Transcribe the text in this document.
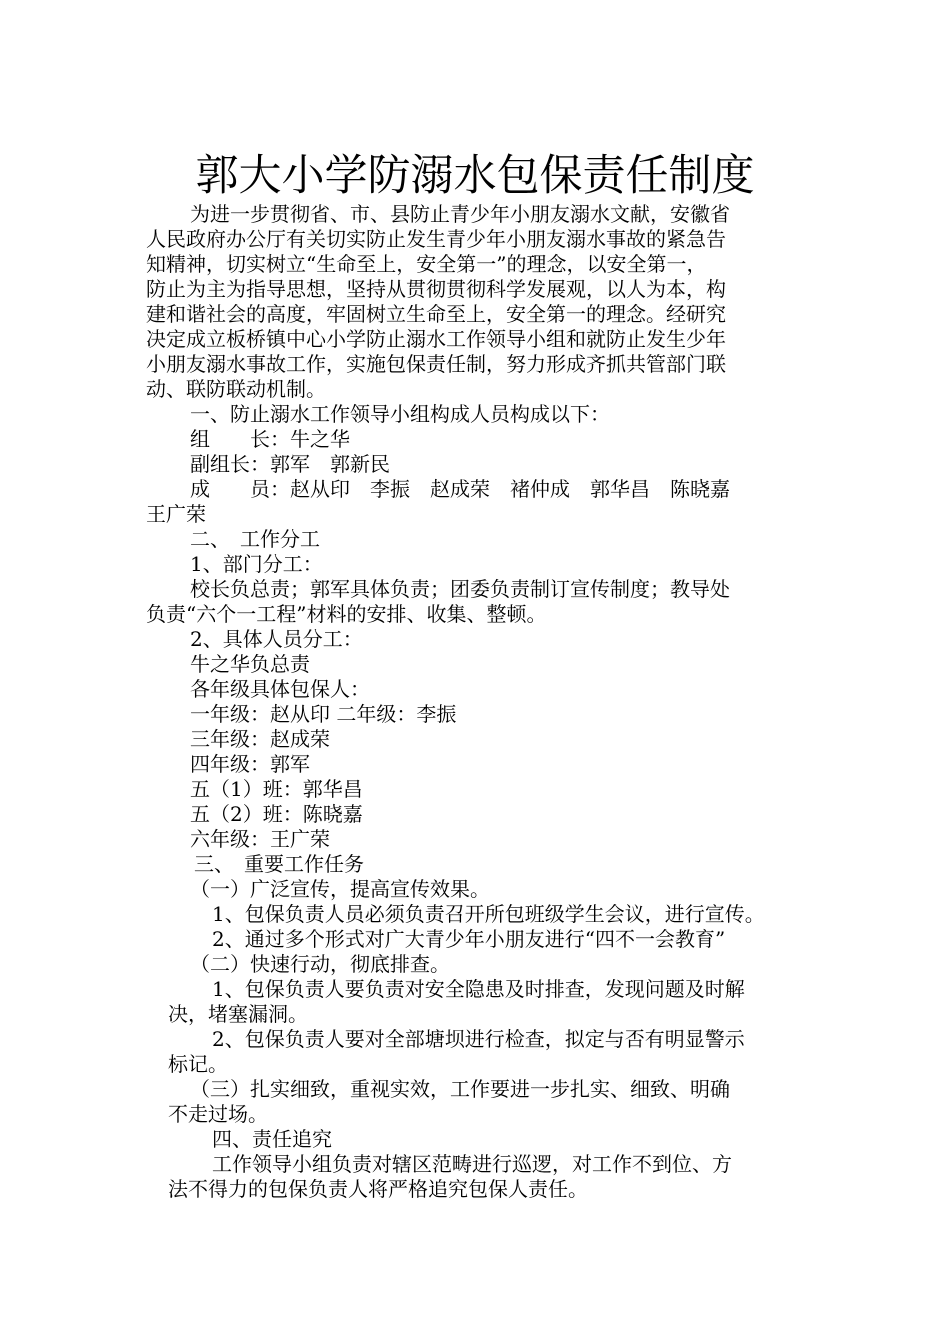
郭大小学防溺水包保责任制度
为进一步贯彻省、市、县防止青少年小朋友溺水文献，安徽省
人民政府办公厅有关切实防止发生青少年小朋友溺水事故的紧急告
知精神，切实树立“生命至上，安全第一”的理念，以安全第一，
防止为主为指导思想，坚持从贯彻贯彻科学发展观，以人为本，构
建和谐社会的高度，牢固树立生命至上，安全第一的理念。经研究
决定成立板桥镇中心小学防止溺水工作领导小组和就防止发生少年
小朋友溺水事故工作，实施包保责任制，努力形成齐抓共管部门联
动、联防联动机制。
一、防止溺水工作领导小组构成人员构成以下：
组　　长：牛之华
副组长：郭军　郭新民
成　　员：赵从印　李振　赵成荣　褚仲成　郭华昌　陈晓嘉
王广荣
二、　工作分工
1、部门分工：
校长负总责；郭军具体负责；团委负责制订宣传制度；教导处
负责“六个一工程”材料的安排、收集、整顿。
2、具体人员分工：
牛之华负总责
各年级具体包保人：
一年级：赵从印 二年级：李振
三年级：赵成荣
四年级：郭军
五（1）班：郭华昌
五（2）班：陈晓嘉
六年级：王广荣
三、　重要工作任务
（一）广泛宣传，提高宣传效果。
1、包保负责人员必须负责召开所包班级学生会议，进行宣传。
2、通过多个形式对广大青少年小朋友进行“四不一会教育”
（二）快速行动，彻底排查。
1、包保负责人要负责对安全隐患及时排查，发现问题及时解
决，堵塞漏洞。
2、包保负责人要对全部塘坝进行检查，拟定与否有明显警示
标记。
（三）扎实细致，重视实效，工作要进一步扎实、细致、明确
不走过场。
四、责任追究
工作领导小组负责对辖区范畴进行巡逻，对工作不到位、方
法不得力的包保负责人将严格追究包保人责任。
